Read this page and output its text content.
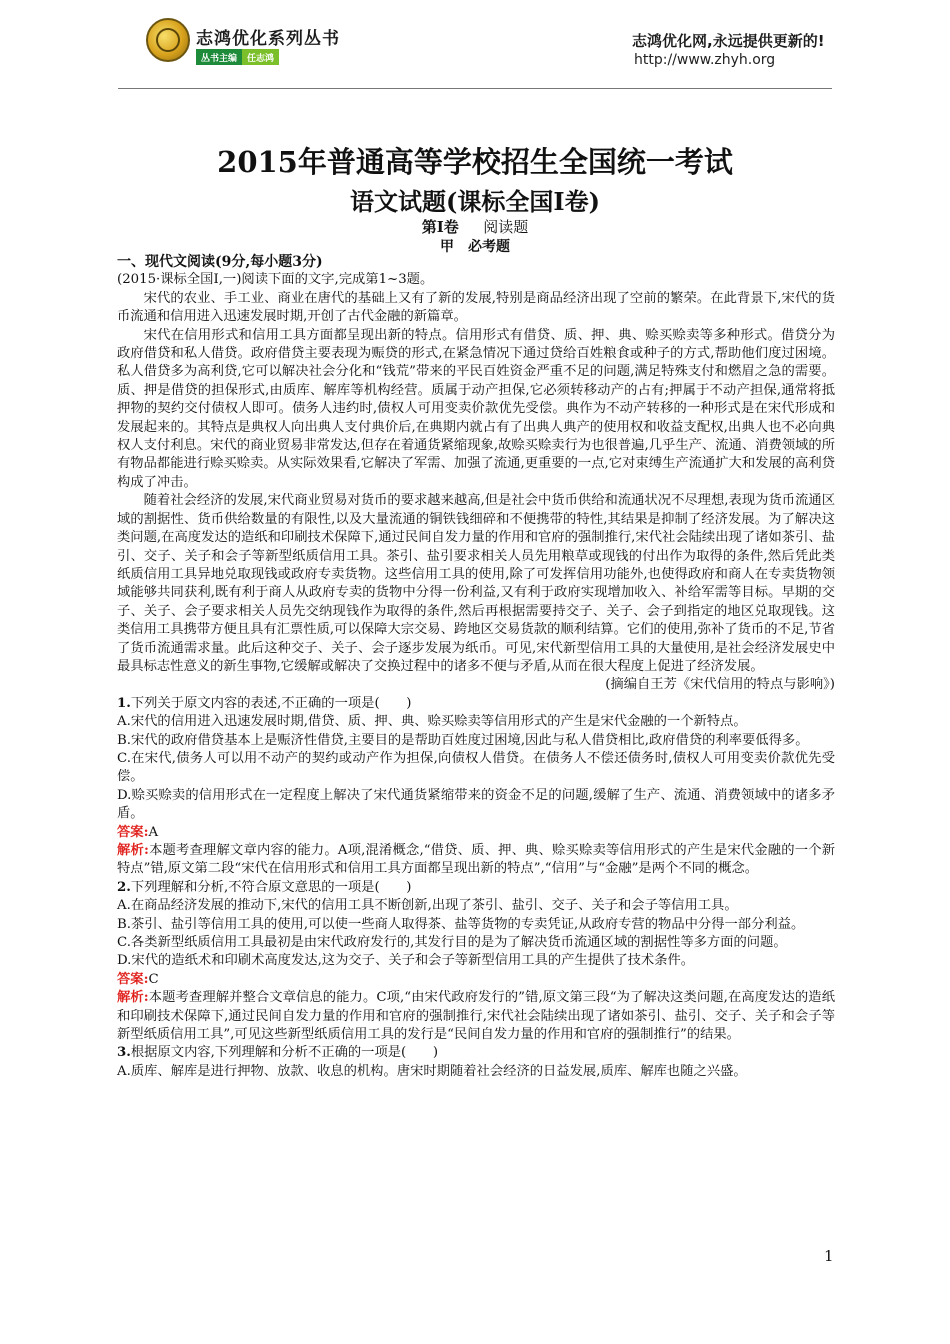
志鸿优化系列丛书
丛书主编	任志鸿
志鸿优化网,永远提供更新的!
http://www.zhyh.org
2015年普通高等学校招生全国统一考试
语文试题(课标全国Ⅰ卷)
第Ⅰ卷 　 阅读题
甲　必考题

一、现代文阅读(9分,每小题3分)

(2015·课标全国Ⅰ,一)阅读下面的文字,完成第1~3题。

宋代的农业、手工业、商业在唐代的基础上又有了新的发展,特别是商品经济出现了空前的繁荣。在此背景下,宋代的货币流通和信用进入迅速发展时期,开创了古代金融的新篇章。

宋代在信用形式和信用工具方面都呈现出新的特点。信用形式有借贷、质、押、典、赊买赊卖等多种形式。借贷分为政府借贷和私人借贷。政府借贷主要表现为赈贷的形式,在紧急情况下通过贷给百姓粮食或种子的方式,帮助他们度过困境。私人借贷多为高利贷,它可以解决社会分化和“钱荒”带来的平民百姓资金严重不足的问题,满足特殊支付和燃眉之急的需要。质、押是借贷的担保形式,由质库、解库等机构经营。质属于动产担保,它必须转移动产的占有;押属于不动产担保,通常将抵押物的契约交付债权人即可。债务人违约时,债权人可用变卖价款优先受偿。典作为不动产转移的一种形式是在宋代形成和发展起来的。其特点是典权人向出典人支付典价后,在典期内就占有了出典人典产的使用权和收益支配权,出典人也不必向典权人支付利息。宋代的商业贸易非常发达,但存在着通货紧缩现象,故赊买赊卖行为也很普遍,几乎生产、流通、消费领域的所有物品都能进行赊买赊卖。从实际效果看,它解决了军需、加强了流通,更重要的一点,它对束缚生产流通扩大和发展的高利贷构成了冲击。

随着社会经济的发展,宋代商业贸易对货币的要求越来越高,但是社会中货币供给和流通状况不尽理想,表现为货币流通区域的割据性、货币供给数量的有限性,以及大量流通的铜铁钱细碎和不便携带的特性,其结果是抑制了经济发展。为了解决这类问题,在高度发达的造纸和印刷技术保障下,通过民间自发力量的作用和官府的强制推行,宋代社会陆续出现了诸如茶引、盐引、交子、关子和会子等新型纸质信用工具。茶引、盐引要求相关人员先用粮草或现钱的付出作为取得的条件,然后凭此类纸质信用工具异地兑取现钱或政府专卖货物。这些信用工具的使用,除了可发挥信用功能外,也使得政府和商人在专卖货物领域能够共同获利,既有利于商人从政府专卖的货物中分得一份利益,又有利于政府实现增加收入、补给军需等目标。早期的交子、关子、会子要求相关人员先交纳现钱作为取得的条件,然后再根据需要持交子、关子、会子到指定的地区兑取现钱。这类信用工具携带方便且具有汇票性质,可以保障大宗交易、跨地区交易货款的顺利结算。它们的使用,弥补了货币的不足,节省了货币流通需求量。此后这种交子、关子、会子逐步发展为纸币。可见,宋代新型信用工具的大量使用,是社会经济发展史中最具标志性意义的新生事物,它缓解或解决了交换过程中的诸多不便与矛盾,从而在很大程度上促进了经济发展。

(摘编自王芳《宋代信用的特点与影响》)

1.下列关于原文内容的表述,不正确的一项是(　　)

A.宋代的信用进入迅速发展时期,借贷、质、押、典、赊买赊卖等信用形式的产生是宋代金融的一个新特点。

B.宋代的政府借贷基本上是赈济性借贷,主要目的是帮助百姓度过困境,因此与私人借贷相比,政府借贷的利率要低得多。

C.在宋代,债务人可以用不动产的契约或动产作为担保,向债权人借贷。在债务人不偿还债务时,债权人可用变卖价款优先受偿。

D.赊买赊卖的信用形式在一定程度上解决了宋代通货紧缩带来的资金不足的问题,缓解了生产、流通、消费领域中的诸多矛盾。

答案:A

解析:本题考查理解文章内容的能力。A项,混淆概念,“借贷、质、押、典、赊买赊卖等信用形式的产生是宋代金融的一个新特点”错,原文第二段“宋代在信用形式和信用工具方面都呈现出新的特点”,“信用”与“金融”是两个不同的概念。

2.下列理解和分析,不符合原文意思的一项是(　　)

A.在商品经济发展的推动下,宋代的信用工具不断创新,出现了茶引、盐引、交子、关子和会子等信用工具。

B.茶引、盐引等信用工具的使用,可以使一些商人取得茶、盐等货物的专卖凭证,从政府专营的物品中分得一部分利益。

C.各类新型纸质信用工具最初是由宋代政府发行的,其发行目的是为了解决货币流通区域的割据性等多方面的问题。

D.宋代的造纸术和印刷术高度发达,这为交子、关子和会子等新型信用工具的产生提供了技术条件。

答案:C

解析:本题考查理解并整合文章信息的能力。C项,“由宋代政府发行的”错,原文第三段“为了解决这类问题,在高度发达的造纸和印刷技术保障下,通过民间自发力量的作用和官府的强制推行,宋代社会陆续出现了诸如茶引、盐引、交子、关子和会子等新型纸质信用工具”,可见这些新型纸质信用工具的发行是“民间自发力量的作用和官府的强制推行”的结果。

3.根据原文内容,下列理解和分析不正确的一项是(　　)

A.质库、解库是进行押物、放款、收息的机构。唐宋时期随着社会经济的日益发展,质库、解库也随之兴盛。

1
